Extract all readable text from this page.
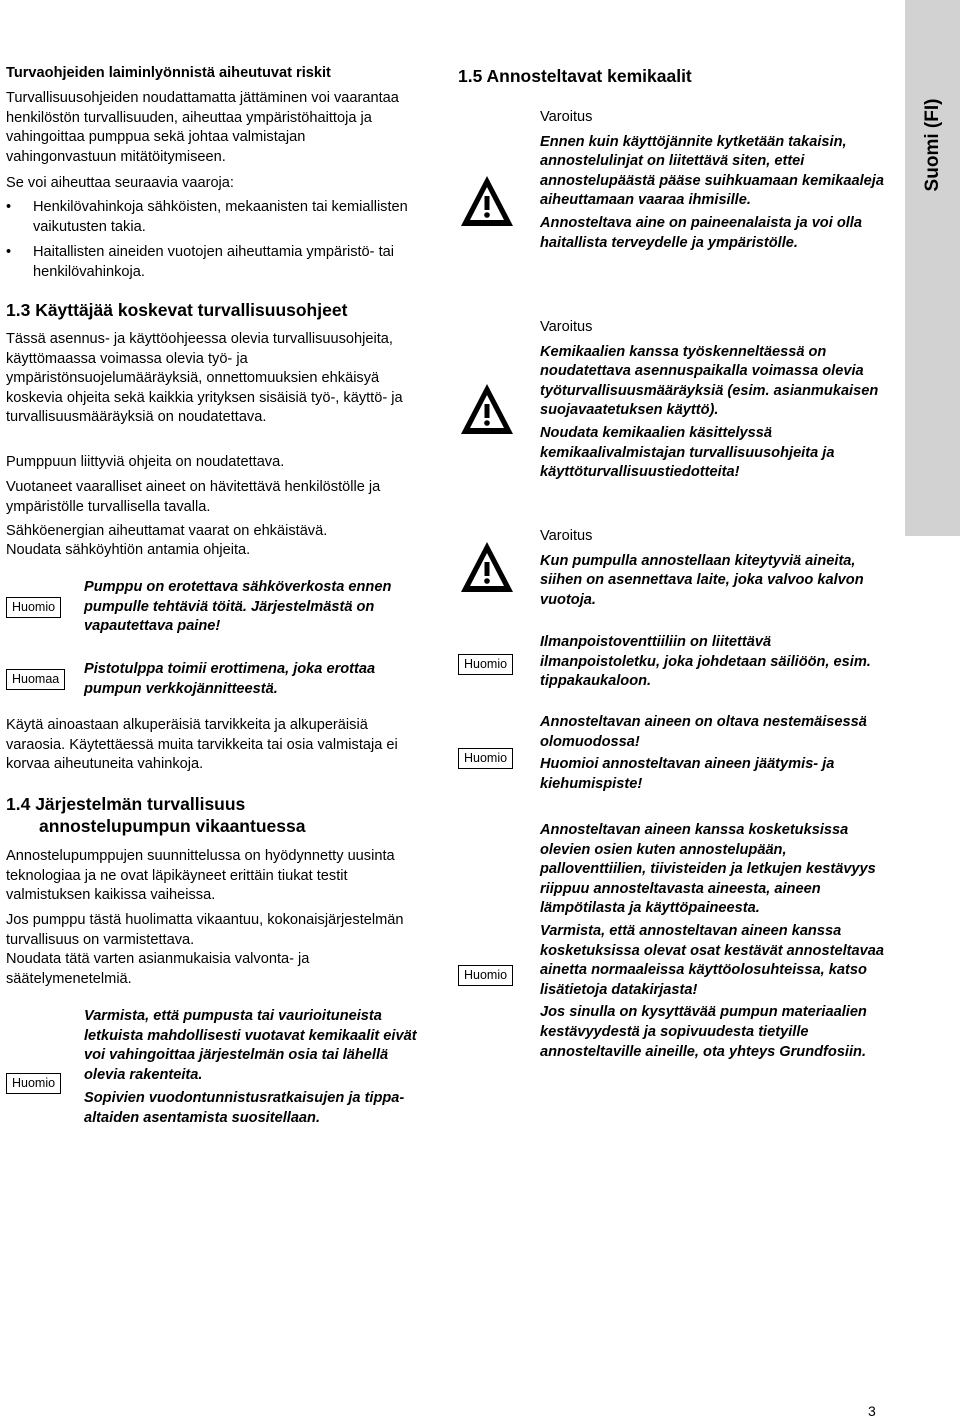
Suomi (FI)

Turvaohjeiden laiminlyönnistä aiheutuvat riskit

Turvallisuusohjeiden noudattamatta jättäminen voi vaarantaa henkilöstön turvallisuuden, aiheuttaa ympäristöhaittoja ja vahingoittaa pumppua sekä johtaa valmistajan vahingonvastuun mitätöitymiseen.

Se voi aiheuttaa seuraavia vaaroja:

• Henkilövahinkoja sähköisten, mekaanisten tai kemiallisten vaikutusten takia.

• Haitallisten aineiden vuotojen aiheuttamia ympäristö- tai henkilövahinkoja.

1.3 Käyttäjää koskevat turvallisuusohjeet

Tässä asennus- ja käyttöohjeessa olevia turvallisuusohjeita, käyttömaassa voimassa olevia työ- ja ympäristönsuojelumääräyksiä, onnettomuuksien ehkäisyä koskevia ohjeita sekä kaikkia yrityksen sisäisiä työ-, käyttö- ja turvallisuusmääräyksiä on noudatettava.

Pumppuun liittyviä ohjeita on noudatettava.

Vuotaneet vaaralliset aineet on hävitettävä henkilöstölle ja ympäristölle turvallisella tavalla.

Sähköenergian aiheuttamat vaarat on ehkäistävä.

Noudata sähköyhtiön antamia ohjeita.

Huomio

Pumppu on erotettava sähköverkosta ennen pumpulle tehtäviä töitä. Järjestelmästä on vapautettava paine!

Huomaa

Pistotulppa toimii erottimena, joka erottaa pumpun verkkojännitteestä.

Käytä ainoastaan alkuperäisiä tarvikkeita ja alkuperäisiä varaosia. Käytettäessä muita tarvikkeita tai osia valmistaja ei korvaa aiheutuneita vahinkoja.

1.4 Järjestelmän turvallisuus
annostelupumpun vikaantuessa

Annostelupumppujen suunnittelussa on hyödynnetty uusinta teknologiaa ja ne ovat läpikäyneet erittäin tiukat testit valmistuksen kaikissa vaiheissa.

Jos pumppu tästä huolimatta vikaantuu, kokonaisjärjestelmän turvallisuus on varmistettava.

Noudata tätä varten asianmukaisia valvonta- ja säätelymenetelmiä.

Huomio

Varmista, että pumpusta tai vaurioituneista letkuista mahdollisesti vuotavat kemikaalit eivät voi vahingoittaa järjestelmän osia tai lähellä olevia rakenteita.

Sopivien vuodontunnistusratkaisujen ja tippa-altaiden asentamista suositellaan.

1.5 Annosteltavat kemikaalit

Varoitus

Ennen kuin käyttöjännite kytketään takaisin, annostelulinjat on liitettävä siten, ettei annostelupäästä pääse suihkuamaan kemikaaleja aiheuttamaan vaaraa ihmisille.

Annosteltava aine on paineenalaista ja voi olla haitallista terveydelle ja ympäristölle.

Varoitus

Kemikaalien kanssa työskenneltäessä on noudatettava asennuspaikalla voimassa olevia työturvallisuusmääräyksiä (esim. asianmukaisen suojavaatetuksen käyttö).

Noudata kemikaalien käsittelyssä kemikaalivalmistajan turvallisuusohjeita ja käyttöturvallisuustiedotteita!

Varoitus

Kun pumpulla annostellaan kiteytyviä aineita, siihen on asennettava laite, joka valvoo kalvon vuotoja.

Huomio

Ilmanpoistoventtiiliin on liitettävä ilmanpoistoletku, joka johdetaan säiliöön, esim. tippakaukaloon.

Huomio

Annosteltavan aineen on oltava nestemäisessä olomuodossa!

Huomioi annosteltavan aineen jäätymis- ja kiehumispiste!

Huomio

Annosteltavan aineen kanssa kosketuksissa olevien osien kuten annostelupään, palloventtiilien, tiivisteiden ja letkujen kestävyys riippuu annosteltavasta aineesta, aineen lämpötilasta ja käyttöpaineesta.

Varmista, että annosteltavan aineen kanssa kosketuksissa olevat osat kestävät annosteltavaa ainetta normaaleissa käyttöolosuhteissa, katso lisätietoja datakirjasta!

Jos sinulla on kysyttävää pumpun materiaalien kestävyydestä ja sopivuudesta tietyille annosteltaville aineille, ota yhteys Grundfosiin.

3
